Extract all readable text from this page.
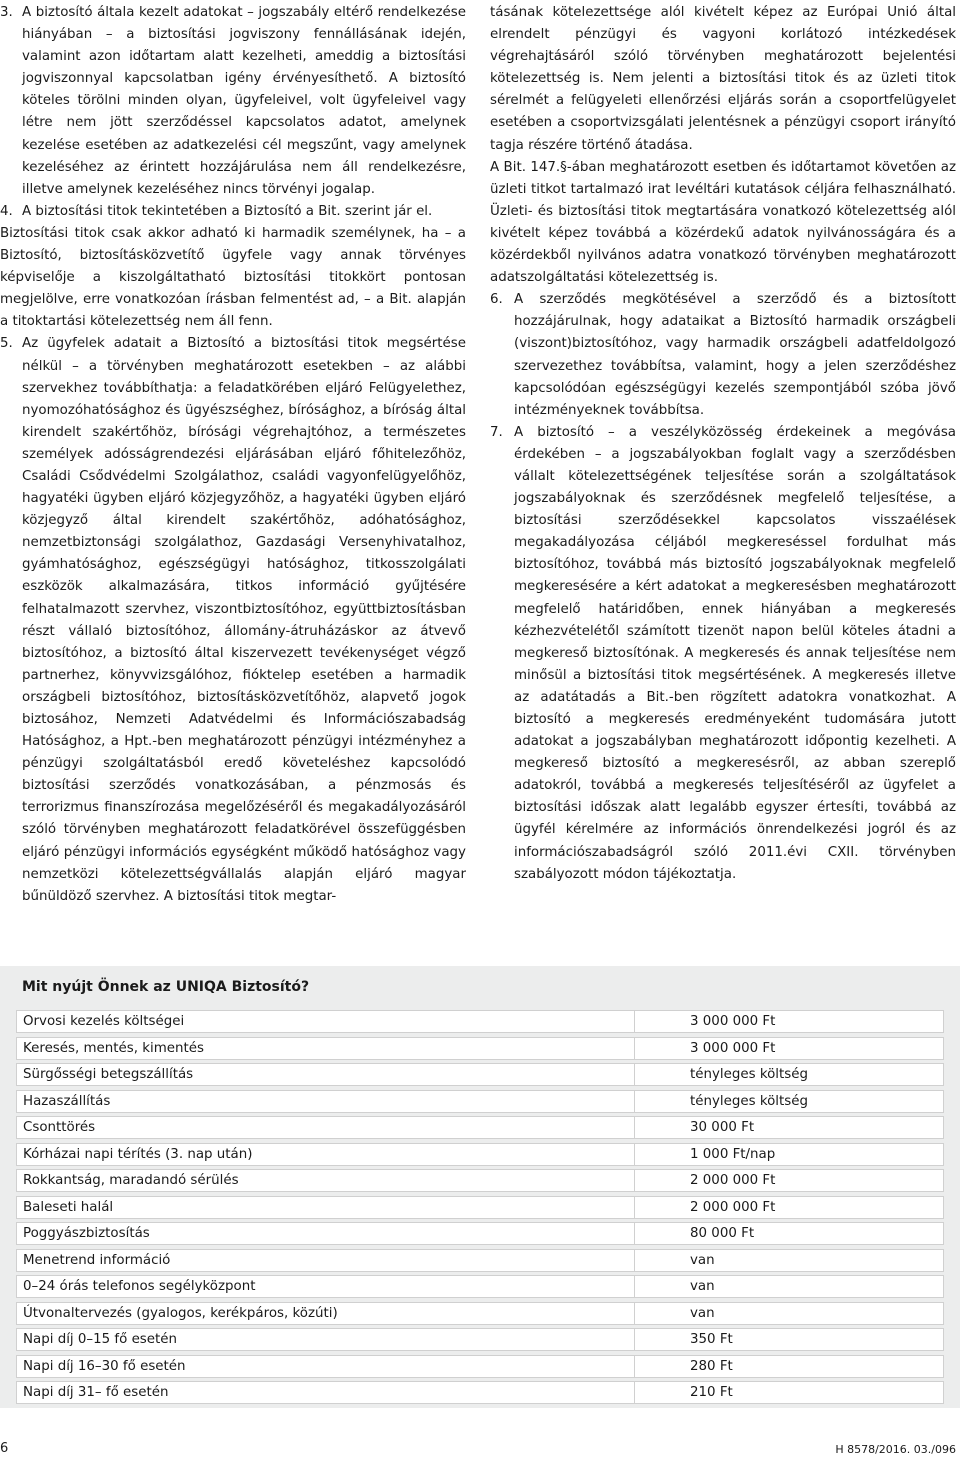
3. A biztosító általa kezelt adatokat – jogszabály eltérő rendelkezése hiányában – a biztosítási jogviszony fennállásának idején, valamint azon időtartam alatt kezelheti, ameddig a biztosítási jogviszonnyal kapcsolatban igény érvényesíthető. A biztosító köteles törölni minden olyan, ügyfeleivel, volt ügyfeleivel vagy létre nem jött szerződéssel kapcsolatos adatot, amelynek kezelése esetében az adatkezelési cél megszűnt, vagy amelynek kezeléséhez az érintett hozzájárulása nem áll rendelkezésre, illetve amelynek kezeléséhez nincs törvényi jogalap.
4. A biztosítási titok tekintetében a Biztosító a Bit. szerint jár el.

Biztosítási titok csak akkor adható ki harmadik személynek, ha – a Biztosító, biztosításközvetítő ügyfele vagy annak törvényes képviselője a kiszolgáltatható biztosítási titokkört pontosan megjelölve, erre vonatkozóan írásban felmentést ad, – a Bit. alapján a titoktartási kötelezettség nem áll fenn.

5. Az ügyfelek adatait a Biztosító a biztosítási titok megsértése nélkül – a törvényben meghatározott esetekben – az alábbi szervekhez továbbíthatja: a feladatkörében eljáró Felügyelethez, nyomozóhatósághoz és ügyészséghez, bírósághoz, a bíróság által kirendelt szakértőhöz, bírósági végrehajtóhoz, a természetes személyek adósságrendezési eljárásában eljáró főhitelezőhöz, Családi Csődvédelmi Szolgálathoz, családi vagyonfelügyelőhöz, hagyatéki ügyben eljáró közjegyzőhöz, a hagyatéki ügyben eljáró közjegyző által kirendelt szakértőhöz, adóhatósághoz, nemzetbiztonsági szolgálathoz, Gazdasági Versenyhivatalhoz, gyámhatósághoz, egészségügyi hatósághoz, titkosszolgálati eszközök alkalmazására, titkos információ gyűjtésére felhatalmazott szervhez, viszontbiztosítóhoz, együttbiztosításban részt vállaló biztosítóhoz, állomány-átruházáskor az átvevő biztosítóhoz, a biztosító által kiszervezett tevékenységet végző partnerhez, könyvvizsgálóhoz, fióktelep esetében a harmadik országbeli biztosítóhoz, biztosításközvetítőhöz, alapvető jogok biztosához, Nemzeti Adatvédelmi és Információszabadság Hatósághoz, a Hpt.-ben meghatározott pénzügyi intézményhez a pénzügyi szolgáltatásból eredő követeléshez kapcsolódó biztosítási szerződés vonatkozásában, a pénzmosás és terrorizmus finanszírozása megelőzéséről és megakadályozásáról szóló törvényben meghatározott feladatkörével összefüggésben eljáró pénzügyi információs egységként működő hatósághoz vagy nemzetközi kötelezettségvállalás alapján eljáró magyar bűnüldöző szervhez. A biztosítási titok megtar-

tásának kötelezettsége alól kivételt képez az Európai Unió által elrendelt pénzügyi és vagyoni korlátozó intézkedések végrehajtásáról szóló törvényben meghatározott bejelentési kötelezettség is. Nem jelenti a biztosítási titok és az üzleti titok sérelmét a felügyeleti ellenőrzési eljárás során a csoportfelügyelet esetében a csoportvizsgálati jelentésnek a pénzügyi csoport irányító tagja részére történő átadása.

A Bit. 147.§-ában meghatározott esetben és időtartamot követően az üzleti titkot tartalmazó irat levéltári kutatások céljára felhasználható. Üzleti- és biztosítási titok megtartására vonatkozó kötelezettség alól kivételt képez továbbá a közérdekű adatok nyilvánosságára és a közérdekből nyilvános adatra vonatkozó törvényben meghatározott adatszolgáltatási kötelezettség is.

6. A szerződés megkötésével a szerződő és a biztosított hozzájárulnak, hogy adataikat a Biztosító harmadik országbeli (viszont)biztosítóhoz, vagy harmadik országbeli adatfeldolgozó szervezethez továbbítsa, valamint, hogy a jelen szerződéshez kapcsolódóan egészségügyi kezelés szempontjából szóba jövő intézményeknek továbbítsa.
7. A biztosító – a veszélyközösség érdekeinek a megóvása érdekében – a jogszabályokban foglalt vagy a szerződésben vállalt kötelezettségének teljesítése során a szolgáltatások jogszabályoknak és szerződésnek megfelelő teljesítése, a biztosítási szerződésekkel kapcsolatos visszaélések megakadályozása céljából megkereséssel fordulhat más biztosítóhoz, továbbá más biztosító jogszabályoknak megfelelő megkeresésére a kért adatokat a megkeresésben meghatározott megfelelő határidőben, ennek hiányában a megkeresés kézhezvételétől számított tizenöt napon belül köteles átadni a megkereső biztosítónak. A megkeresés és annak teljesítése nem minősül a biztosítási titok megsértésének. A megkeresés illetve az adatátadás a Bit.-ben rögzített adatokra vonatkozhat. A biztosító a megkeresés eredményeként tudomására jutott adatokat a jogszabályban meghatározott időpontig kezelheti. A megkereső biztosító a megkeresésről, az abban szereplő adatokról, továbbá a megkeresés teljesítéséről az ügyfelet a biztosítási időszak alatt legalább egyszer értesíti, továbbá az ügyfél kérelmére az információs önrendelkezési jogról és az információszabadságról szóló 2011.évi CXII. törvényben szabályozott módon tájékoztatja.
Mit nyújt Önnek az UNIQA Biztosító?
Orvosi kezelés költségei	3 000 000 Ft
Keresés, mentés, kimentés	3 000 000 Ft
Sürgősségi betegszállítás	tényleges költség
Hazaszállítás	tényleges költség
Csonttörés	30 000 Ft
Kórházai napi térítés (3. nap után)	1 000 Ft/nap
Rokkantság, maradandó sérülés	2 000 000 Ft
Baleseti halál	2 000 000 Ft
Poggyászbiztosítás	80 000 Ft
Menetrend információ	van
0–24 órás telefonos segélyközpont	van
Útvonaltervezés (gyalogos, kerékpáros, közúti)	van
Napi díj 0–15 fő esetén	350 Ft
Napi díj 16–30 fő esetén	280 Ft
Napi díj 31– fő esetén	210 Ft
6	H 8578/2016. 03./096
